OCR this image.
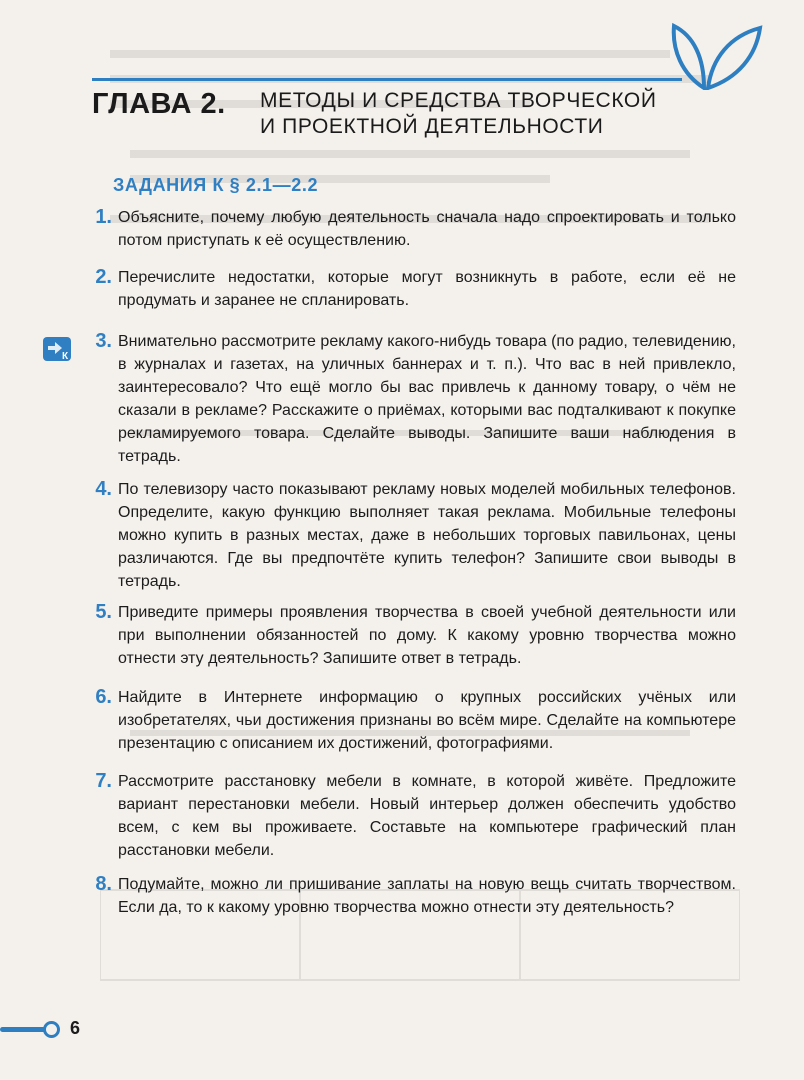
ГЛАВА 2. МЕТОДЫ И СРЕДСТВА ТВОРЧЕСКОЙ
И ПРОЕКТНОЙ ДЕЯТЕЛЬНОСТИ
ЗАДАНИЯ К § 2.1—2.2
К
1. Объясните, почему любую деятельность сначала надо спроектировать и только потом приступать к её осуществлению.
2. Перечислите недостатки, которые могут возникнуть в работе, если её не продумать и заранее не спланировать.
3. Внимательно рассмотрите рекламу какого-нибудь товара (по радио, телевидению, в журналах и газетах, на уличных баннерах и т. п.). Что вас в ней привлекло, заинтересовало? Что ещё могло бы вас привлечь к данному товару, о чём не сказали в рекламе? Расскажите о приёмах, которыми вас подталкивают к покупке рекламируемого товара. Сделайте выводы. Запишите ваши наблюдения в тетрадь.
4. По телевизору часто показывают рекламу новых моделей мобильных телефонов. Определите, какую функцию выполняет такая реклама. Мобильные телефоны можно купить в разных местах, даже в небольших торговых павильонах, цены различаются. Где вы предпочтёте купить телефон? Запишите свои выводы в тетрадь.
5. Приведите примеры проявления творчества в своей учебной деятельности или при выполнении обязанностей по дому. К какому уровню творчества можно отнести эту деятельность? Запишите ответ в тетрадь.
6. Найдите в Интернете информацию о крупных российских учёных или изобретателях, чьи достижения признаны во всём мире. Сделайте на компьютере презентацию с описанием их достижений, фотографиями.
7. Рассмотрите расстановку мебели в комнате, в которой живёте. Предложите вариант перестановки мебели. Новый интерьер должен обеспечить удобство всем, с кем вы проживаете. Составьте на компьютере графический план расстановки мебели.
8. Подумайте, можно ли пришивание заплаты на новую вещь считать творчеством. Если да, то к какому уровню творчества можно отнести эту деятельность?
6
